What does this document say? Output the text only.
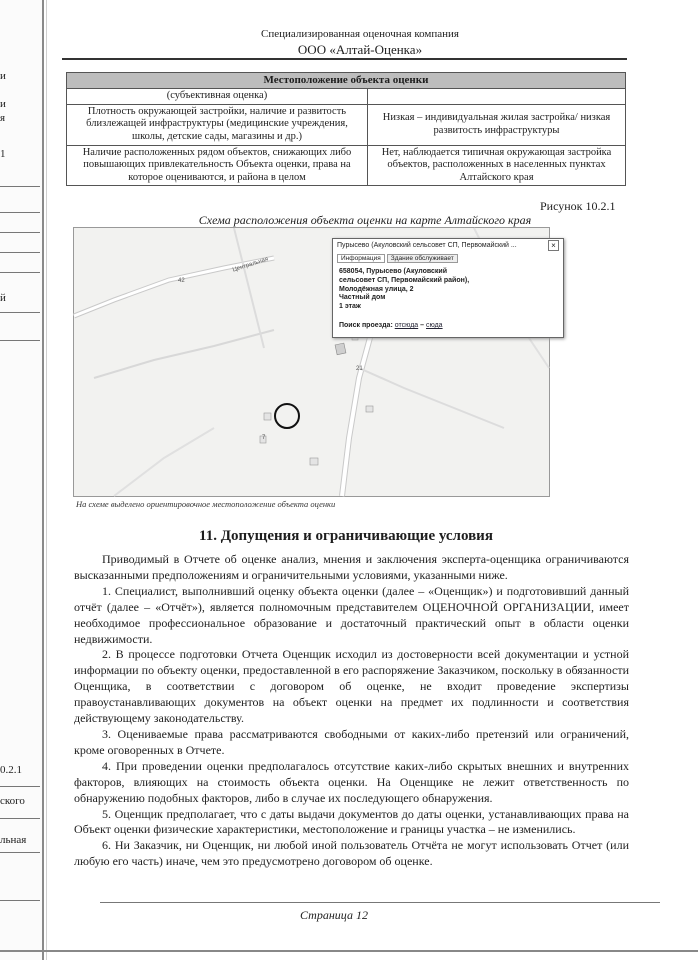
и
и
я
1
й
0.2.1
ского
льная
Специализированная оценочная компания
ООО «Алтай-Оценка»
Местоположение объекта оценки	
(субъективная оценка)	
Плотность окружающей застройки, наличие и развитость близлежащей инфраструктуры (медицинские учреждения, школы, детские сады, магазины и др.)	Низкая – индивидуальная жилая застройка/ низкая развитость инфраструктуры
Наличие расположенных рядом объектов, снижающих либо повышающих привлекательность Объекта оценки, права на которое оцениваются, и района в целом	Нет, наблюдается типичная окружающая застройка объектов, расположенных в населенных пунктах Алтайского края
Рисунок 10.2.1
Схема расположения объекта оценки на карте Алтайского края
Центральная
42
21
7
Пурысево (Акуловский сельсовет СП, Первомайский ...	×
Информация Здание обслуживает
658054, Пурысево (Акуловский
сельсовет СП, Первомайский район),
Молодёжная улица, 2
Частный дом
1 этаж
Поиск проезда: отсюда – сюда
На схеме выделено ориентировочное местоположение объекта оценки
11. Допущения и ограничивающие условия

Приводимый в Отчете об оценке анализ, мнения и заключения эксперта-оценщика ограничиваются высказанными предположениям и ограничительными условиями, указанными ниже.

1. Специалист, выполнивший оценку объекта оценки (далее – «Оценщик») и подготовивший данный отчёт (далее – «Отчёт»), является полномочным представителем ОЦЕНОЧНОЙ ОРГАНИЗАЦИИ, имеет необходимое профессиональное образование и достаточный практический опыт в области оценки недвижимости.

2. В процессе подготовки Отчета Оценщик исходил из достоверности всей документации и устной информации по объекту оценки, предоставленной в его распоряжение Заказчиком, поскольку в обязанности Оценщика, в соответствии с договором об оценке, не входит проведение экспертизы правоустанавливающих документов на объект оценки на предмет их подлинности и соответствия действующему законодательству.

3. Оцениваемые права рассматриваются свободными от каких-либо претензий или ограничений, кроме оговоренных в Отчете.

4. При проведении оценки предполагалось отсутствие каких-либо скрытых внешних и внутренних факторов, влияющих на стоимость объекта оценки. На Оценщике не лежит ответственность по обнаружению подобных факторов, либо в случае их последующего обнаружения.

5. Оценщик предполагает, что с даты выдачи документов до даты оценки, устанавливающих права на Объект оценки физические характеристики, местоположение и границы участка – не изменились.

6. Ни Заказчик, ни Оценщик, ни любой иной пользователь Отчёта не могут использовать Отчет (или любую его часть) иначе, чем это предусмотрено договором об оценке.

Страница 12
